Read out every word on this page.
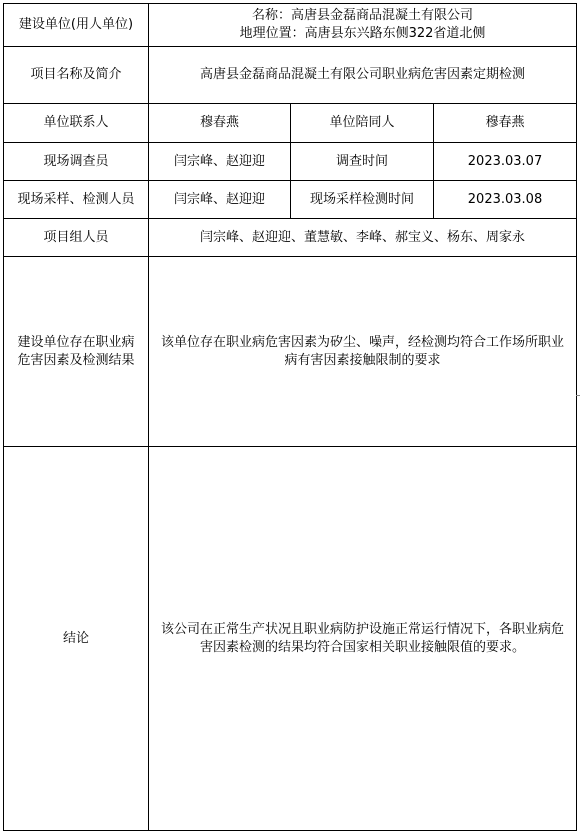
建设单位(用人单位)	名称：高唐县金磊商品混凝土有限公司
地理位置：高唐县东兴路东侧322省道北侧		

项目名称及简介	高唐县金磊商品混凝土有限公司职业病危害因素定期检测		
单位联系人	穆春燕	单位陪同人	穆春燕
现场调查员	闫宗峰、赵迎迎	调查时间	2023.03.07
现场采样、检测人员	闫宗峰、赵迎迎	现场采样检测时间	2023.03.08
项目组人员	闫宗峰、赵迎迎、董慧敏、李峰、郝宝义、杨东、周家永		
建设单位存在职业病危害因素及检测结果	该单位存在职业病危害因素为矽尘、噪声，经检测均符合工作场所职业病有害因素接触限制的要求		
结论	该公司在正常生产状况且职业病防护设施正常运行情况下，各职业病危害因素检测的结果均符合国家相关职业接触限值的要求。		
